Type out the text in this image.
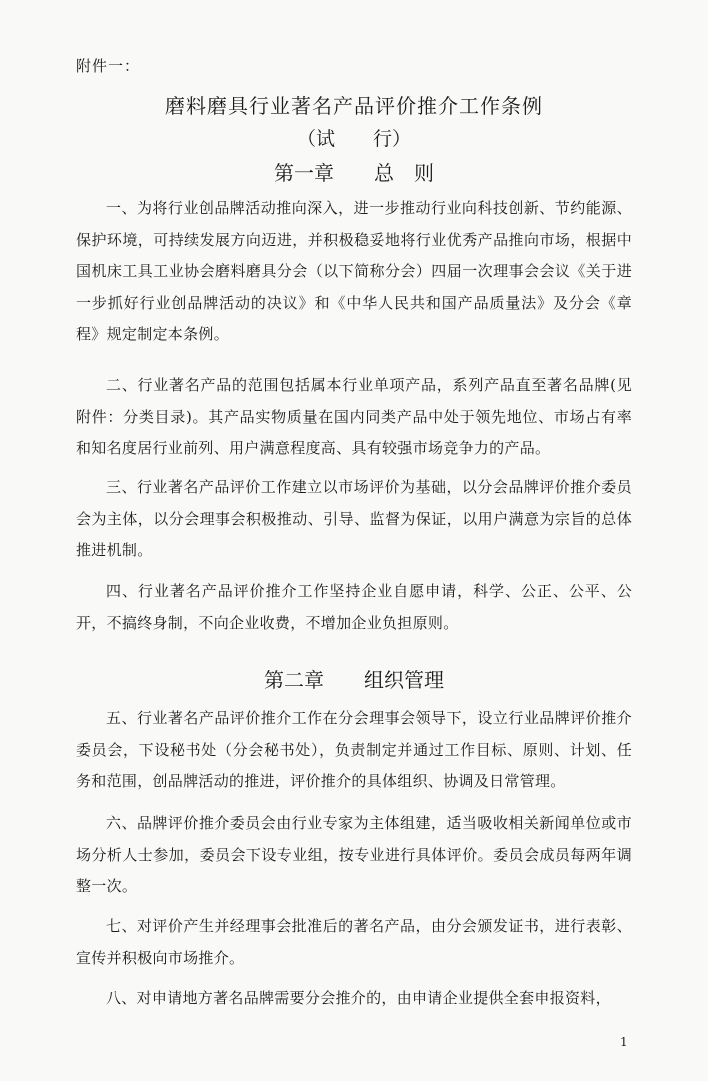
附件一：
磨料磨具行业著名产品评价推介工作条例
（试　　行）
第一章　　总　则

一、为将行业创品牌活动推向深入，进一步推动行业向科技创新、节约能源、保护环境，可持续发展方向迈进，并积极稳妥地将行业优秀产品推向市场，根据中国机床工具工业协会磨料磨具分会（以下简称分会）四届一次理事会会议《关于进一步抓好行业创品牌活动的决议》和《中华人民共和国产品质量法》及分会《章程》规定制定本条例。

二、行业著名产品的范围包括属本行业单项产品，系列产品直至著名品牌(见附件：分类目录)。其产品实物质量在国内同类产品中处于领先地位、市场占有率和知名度居行业前列、用户满意程度高、具有较强市场竞争力的产品。

三、行业著名产品评价工作建立以市场评价为基础，以分会品牌评价推介委员会为主体，以分会理事会积极推动、引导、监督为保证，以用户满意为宗旨的总体推进机制。

四、行业著名产品评价推介工作坚持企业自愿申请，科学、公正、公平、公开，不搞终身制，不向企业收费，不增加企业负担原则。

第二章　　组织管理

五、行业著名产品评价推介工作在分会理事会领导下，设立行业品牌评价推介委员会，下设秘书处（分会秘书处），负责制定并通过工作目标、原则、计划、任务和范围，创品牌活动的推进，评价推介的具体组织、协调及日常管理。

六、品牌评价推介委员会由行业专家为主体组建，适当吸收相关新闻单位或市场分析人士参加，委员会下设专业组，按专业进行具体评价。委员会成员每两年调整一次。

七、对评价产生并经理事会批准后的著名产品，由分会颁发证书，进行表彰、宣传并积极向市场推介。

八、对申请地方著名品牌需要分会推介的，由申请企业提供全套申报资料，

1
